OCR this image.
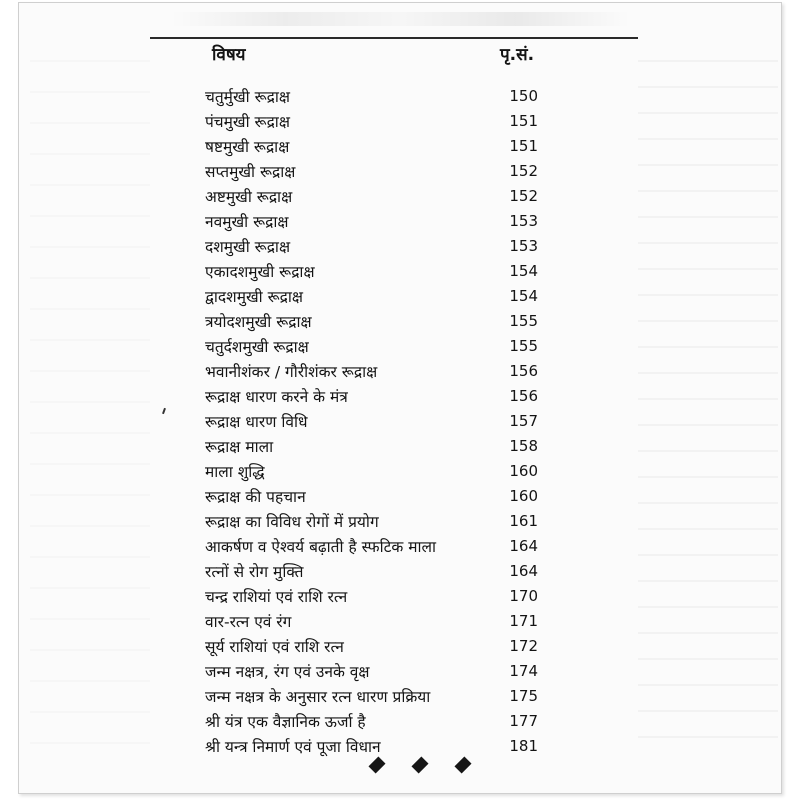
विषय	पृ.सं.
चतुर्मुखी रूद्राक्ष	150
पंचमुखी रूद्राक्ष	151
षष्टमुखी रूद्राक्ष	151
सप्तमुखी रूद्राक्ष	152
अष्टमुखी रूद्राक्ष	152
नवमुखी रूद्राक्ष	153
दशमुखी रूद्राक्ष	153
एकादशमुखी रूद्राक्ष	154
द्वादशमुखी रूद्राक्ष	154
त्रयोदशमुखी रूद्राक्ष	155
चतुर्दशमुखी रूद्राक्ष	155
भवानीशंकर / गौरीशंकर रूद्राक्ष	156
रूद्राक्ष धारण करने के मंत्र	156
रूद्राक्ष धारण विधि	157
रूद्राक्ष माला	158
माला शुद्धि	160
रूद्राक्ष की पहचान	160
रूद्राक्ष का विविध रोगों में प्रयोग	161
आकर्षण व ऐश्वर्य बढ़ाती है स्फटिक माला	164
रत्नों से रोग मुक्ति	164
चन्द्र राशियां एवं राशि रत्न	170
वार-रत्न एवं रंग	171
सूर्य राशियां एवं राशि रत्न	172
जन्म नक्षत्र, रंग एवं उनके वृक्ष	174
जन्म नक्षत्र के अनुसार रत्न धारण प्रक्रिया	175
श्री यंत्र एक वैज्ञानिक ऊर्जा है	177
श्री यन्त्र निमार्ण एवं पूजा विधान	181
